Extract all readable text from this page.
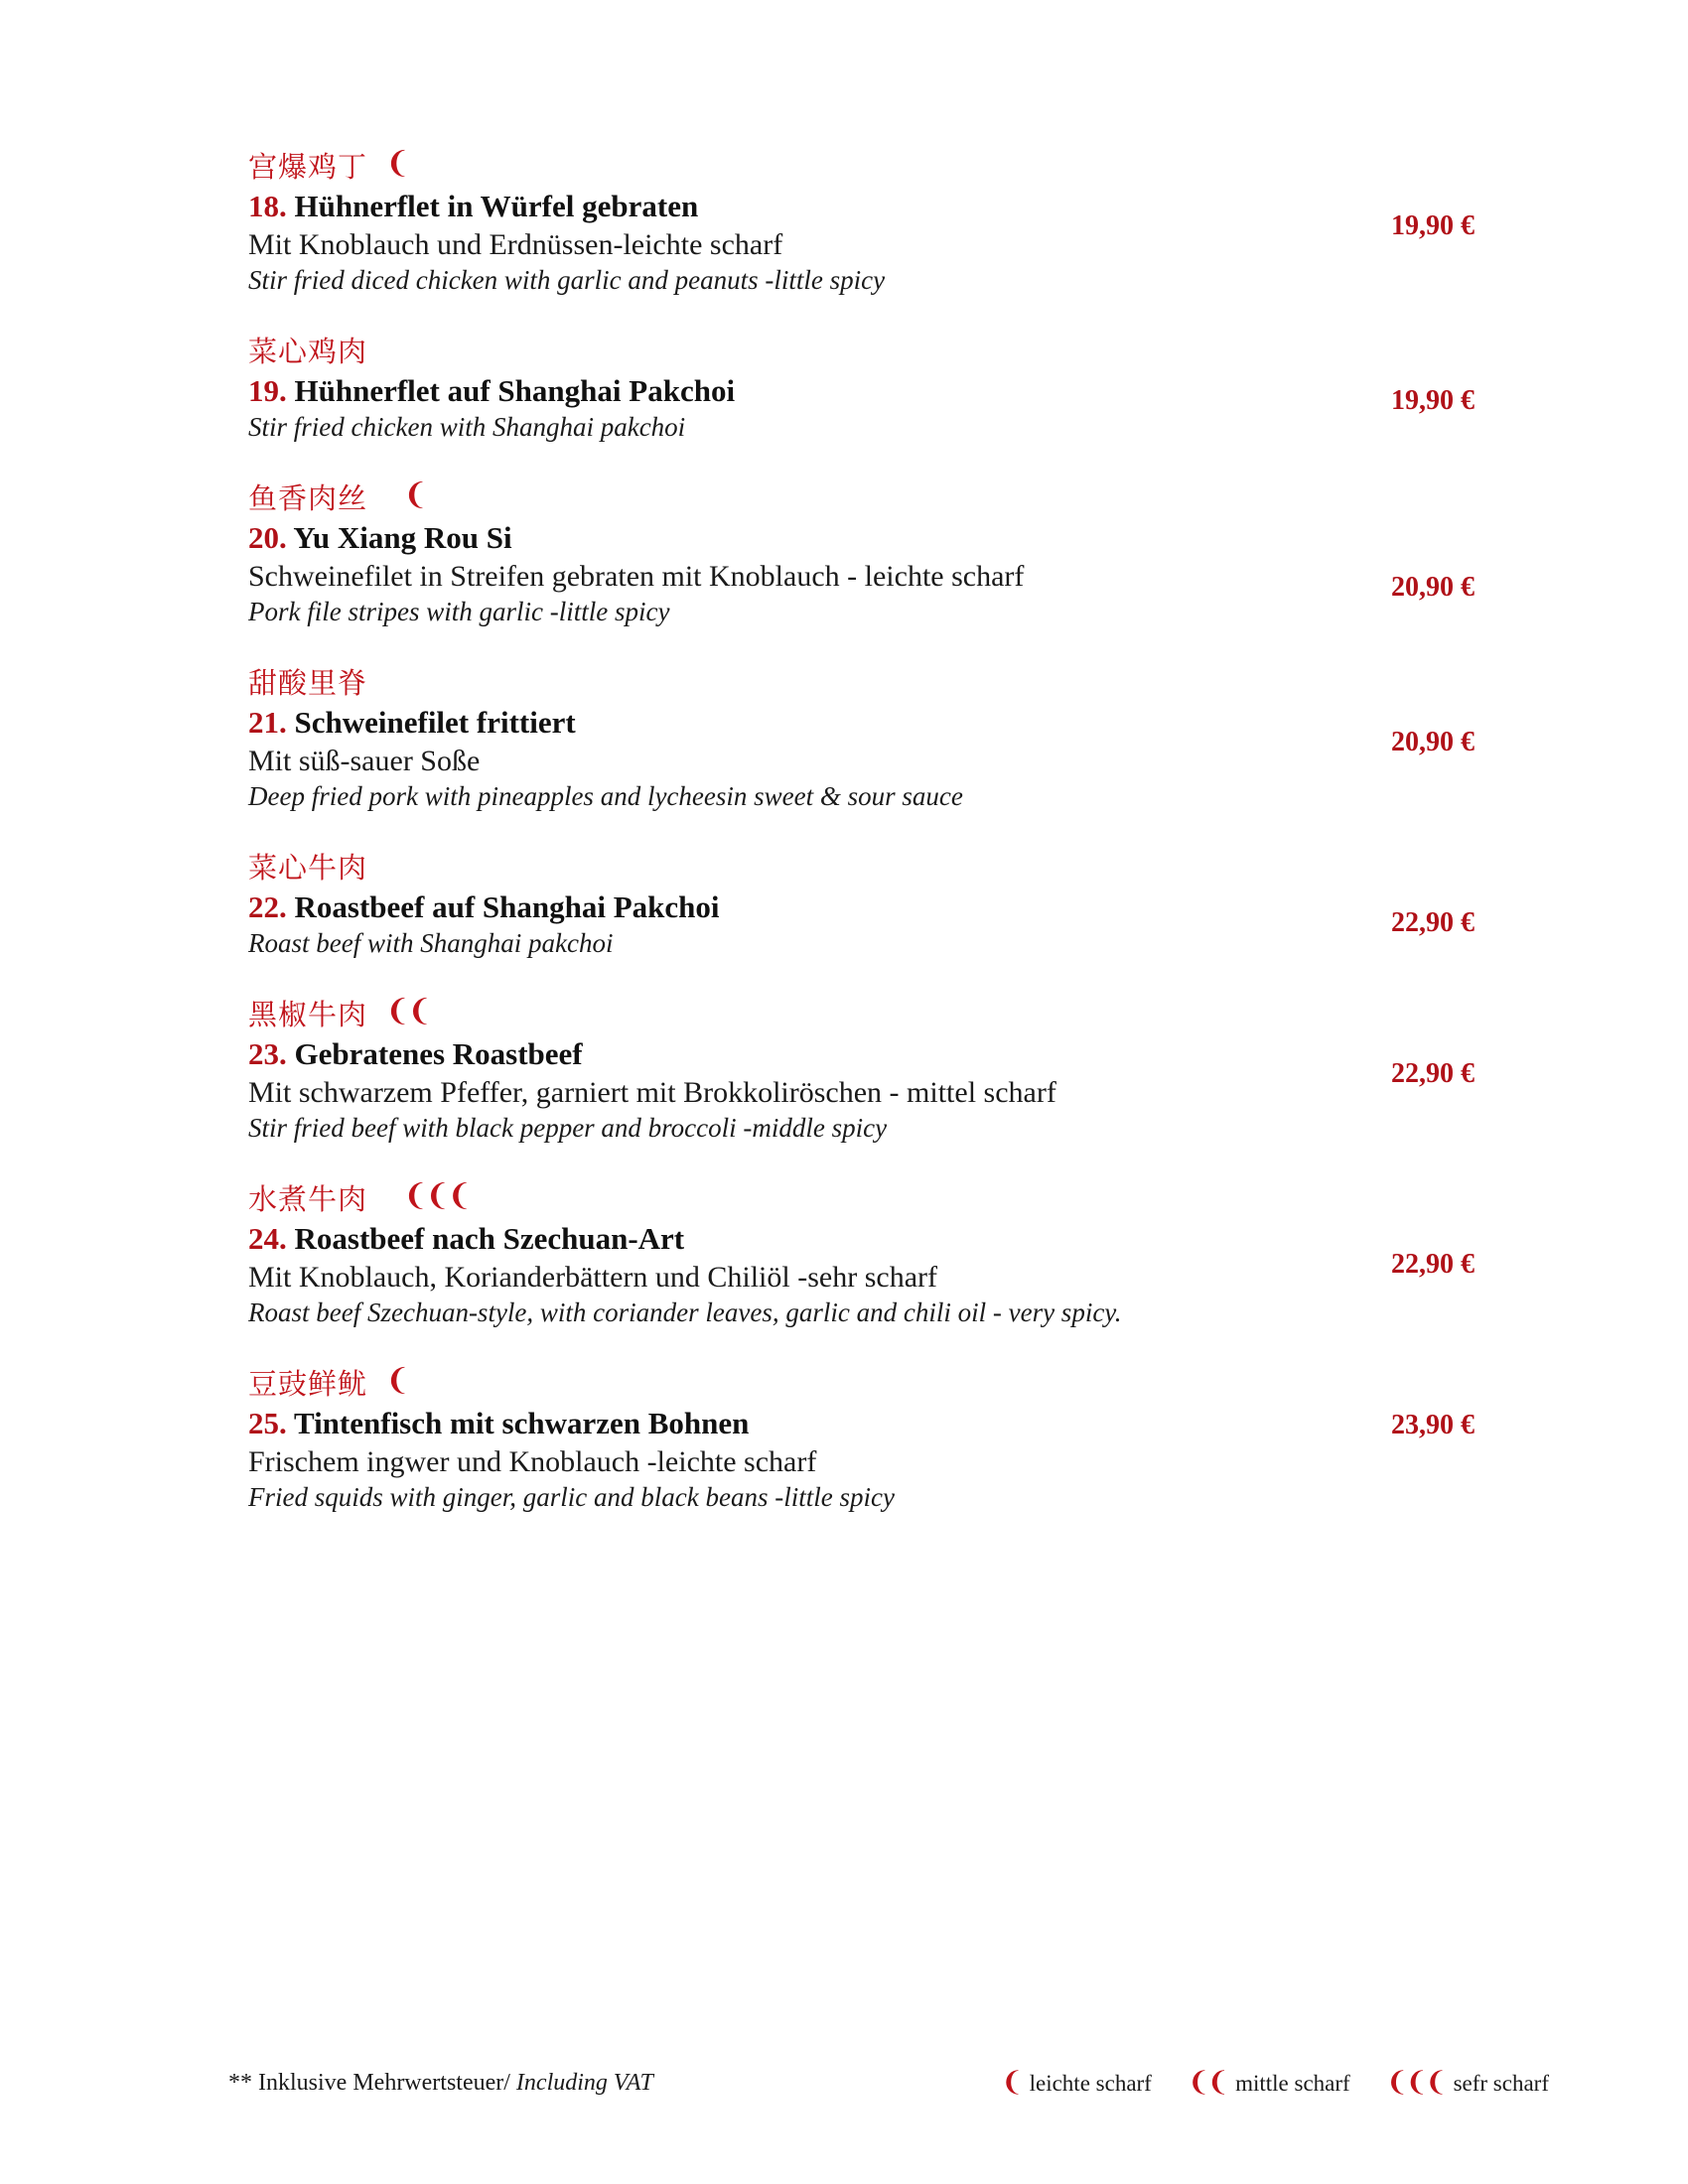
宫爆鸡丁 ❨
18. Hühnerflet in Würfel gebraten
Mit Knoblauch und Erdnüssen-leichte scharf
Stir fried diced chicken with garlic and peanuts -little spicy
19,90 €
菜心鸡肉
19. Hühnerflet auf Shanghai Pakchoi
Stir fried chicken with Shanghai pakchoi
19,90 €
鱼香肉丝 ❨
20. Yu Xiang Rou Si
Schweinefilet in Streifen gebraten mit Knoblauch - leichte scharf
Pork file stripes with garlic -little spicy
20,90 €
甜酸里脊
21. Schweinefilet frittiert
Mit süß-sauer Soße
Deep fried pork with pineapples and lycheesin sweet & sour sauce
20,90 €
菜心牛肉
22. Roastbeef auf Shanghai Pakchoi
Roast beef with Shanghai pakchoi
22,90 €
黑椒牛肉 ❨❨
23. Gebratenes Roastbeef
Mit schwarzem Pfeffer, garniert mit Brokkoliröschen - mittel scharf
Stir fried beef with black pepper and broccoli -middle spicy
22,90 €
水煮牛肉 ❨❨❨
24. Roastbeef nach Szechuan-Art
Mit Knoblauch, Korianderbättern und Chiliöl -sehr scharf
Roast beef Szechuan-style, with coriander leaves, garlic and chili oil - very spicy.
22,90 €
豆豉鲜鱿 ❨
25. Tintenfisch mit schwarzen Bohnen
Frischem ingwer und Knoblauch -leichte scharf
Fried squids with ginger, garlic and black beans -little spicy
23,90 €
** Inklusive Mehrwertsteuer/ Including VAT	❨ leichte scharf ❨❨ mittle scharf ❨❨❨ sefr scharf
